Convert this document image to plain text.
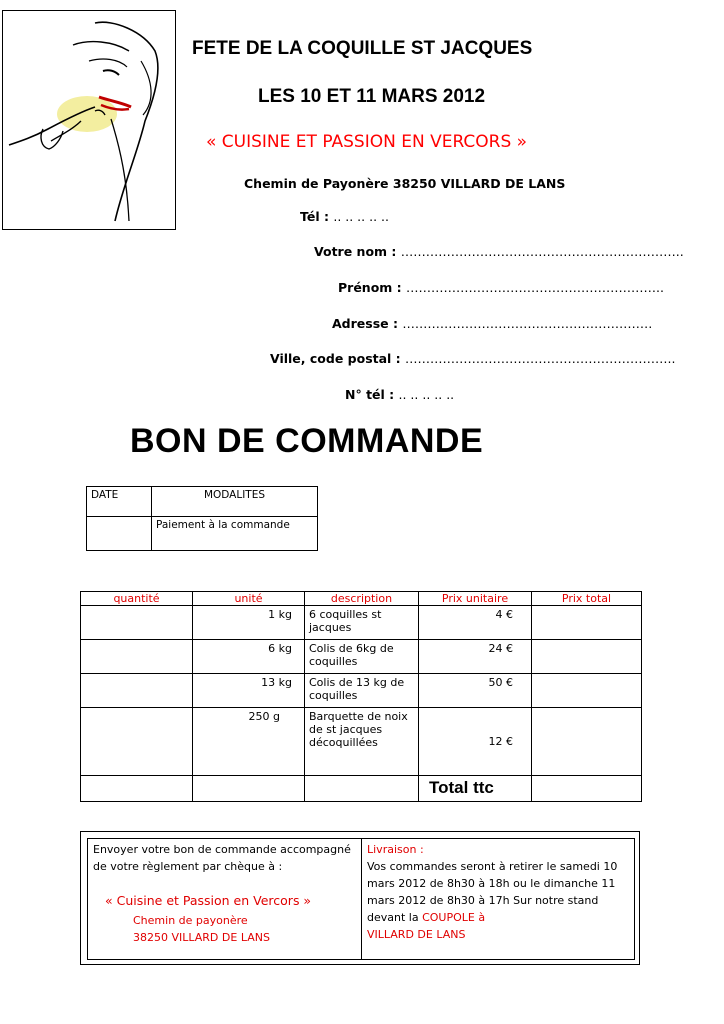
FETE DE LA COQUILLE ST JACQUES
LES 10 ET 11 MARS 2012
« CUISINE ET PASSION EN VERCORS »
Chemin de Payonère 38250 VILLARD DE LANS
Tél : .. .. .. .. ..
Votre nom : …………………………………………………………..
Prénom : ……………………………………………………..
Adresse : ……………………………………………………
Ville, code postal : ………………………………………………………..
N° tél : .. .. .. .. ..
BON DE COMMANDE
DATE	MODALITES
	Paiement à la commande
quantité	unité	description	Prix unitaire	Prix total
	1 kg	6 coquilles st jacques	4 €	
	6 kg	Colis de 6kg de coquilles	24 €	
	13 kg	Colis de 13 kg de coquilles	50 €	
	250 g	Barquette de noix de st jacques décoquillées	12 €	
			Total ttc	
Envoyer votre bon de commande accompagné de votre règlement par chèque à :
« Cuisine et Passion en Vercors »
Chemin de payonère
38250 VILLARD DE LANS
Livraison :
Vos commandes seront à retirer le samedi 10 mars 2012 de 8h30 à 18h ou le dimanche 11 mars 2012 de 8h30 à 17h Sur notre stand devant la COUPOLE à
VILLARD DE LANS
